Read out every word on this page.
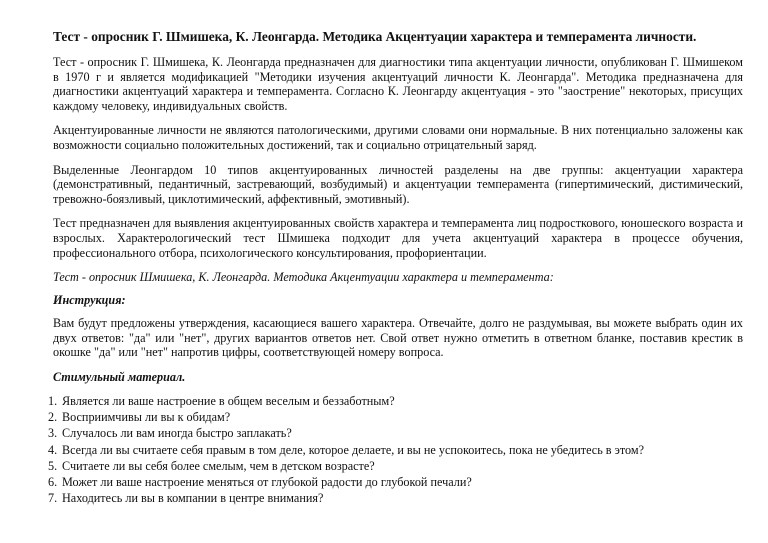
Тест - опросник Г. Шмишека, К. Леонгарда. Методика Акцентуации характера и темперамента личности.

Тест - опросник Г. Шмишека, К. Леонгарда предназначен для диагностики типа акцентуации личности, опубликован Г. Шмишеком в 1970 г и является модификацией "Методики изучения акцентуаций личности К. Леонгарда". Методика предназначена для диагностики акцентуаций характера и темперамента. Согласно К. Леонгарду акцентуация - это "заострение" некоторых, присущих каждому человеку, индивидуальных свойств.

Акцентуированные личности не являются патологическими, другими словами они нормальные. В них потенциально заложены как возможности социально положительных достижений, так и социально отрицательный заряд.

Выделенные Леонгардом 10 типов акцентуированных личностей разделены на две группы: акцентуации характера (демонстративный, педантичный, застревающий, возбудимый) и акцентуации темперамента (гипертимический, дистимический, тревожно-боязливый, циклотимический, аффективный, эмотивный).

Тест предназначен для выявления акцентуированных свойств характера и темперамента лиц подросткового, юношеского возраста и взрослых. Характерологический тест Шмишека подходит для учета акцентуаций характера в процессе обучения, профессионального отбора, психологического консультирования, профориентации.

Тест - опросник Шмишека, К. Леонгарда. Методика Акцентуации характера и темперамента:
Инструкция:

Вам будут предложены утверждения, касающиеся вашего характера. Отвечайте, долго не раздумывая, вы можете выбрать один их двух ответов: "да" или "нет", других вариантов ответов нет. Свой ответ нужно отметить в ответном бланке, поставив крестик в окошке "да" или "нет" напротив цифры, соответствующей номеру вопроса.

Стимульный материал.
1. Является ли ваше настроение в общем веселым и беззаботным?
2. Восприимчивы ли вы к обидам?
3. Случалось ли вам иногда быстро заплакать?
4. Всегда ли вы считаете себя правым в том деле, которое делаете, и вы не успокоитесь, пока не убедитесь в этом?
5. Считаете ли вы себя более смелым, чем в детском возрасте?
6. Может ли ваше настроение меняться от глубокой радости до глубокой печали?
7. Находитесь ли вы в компании в центре внимания?
